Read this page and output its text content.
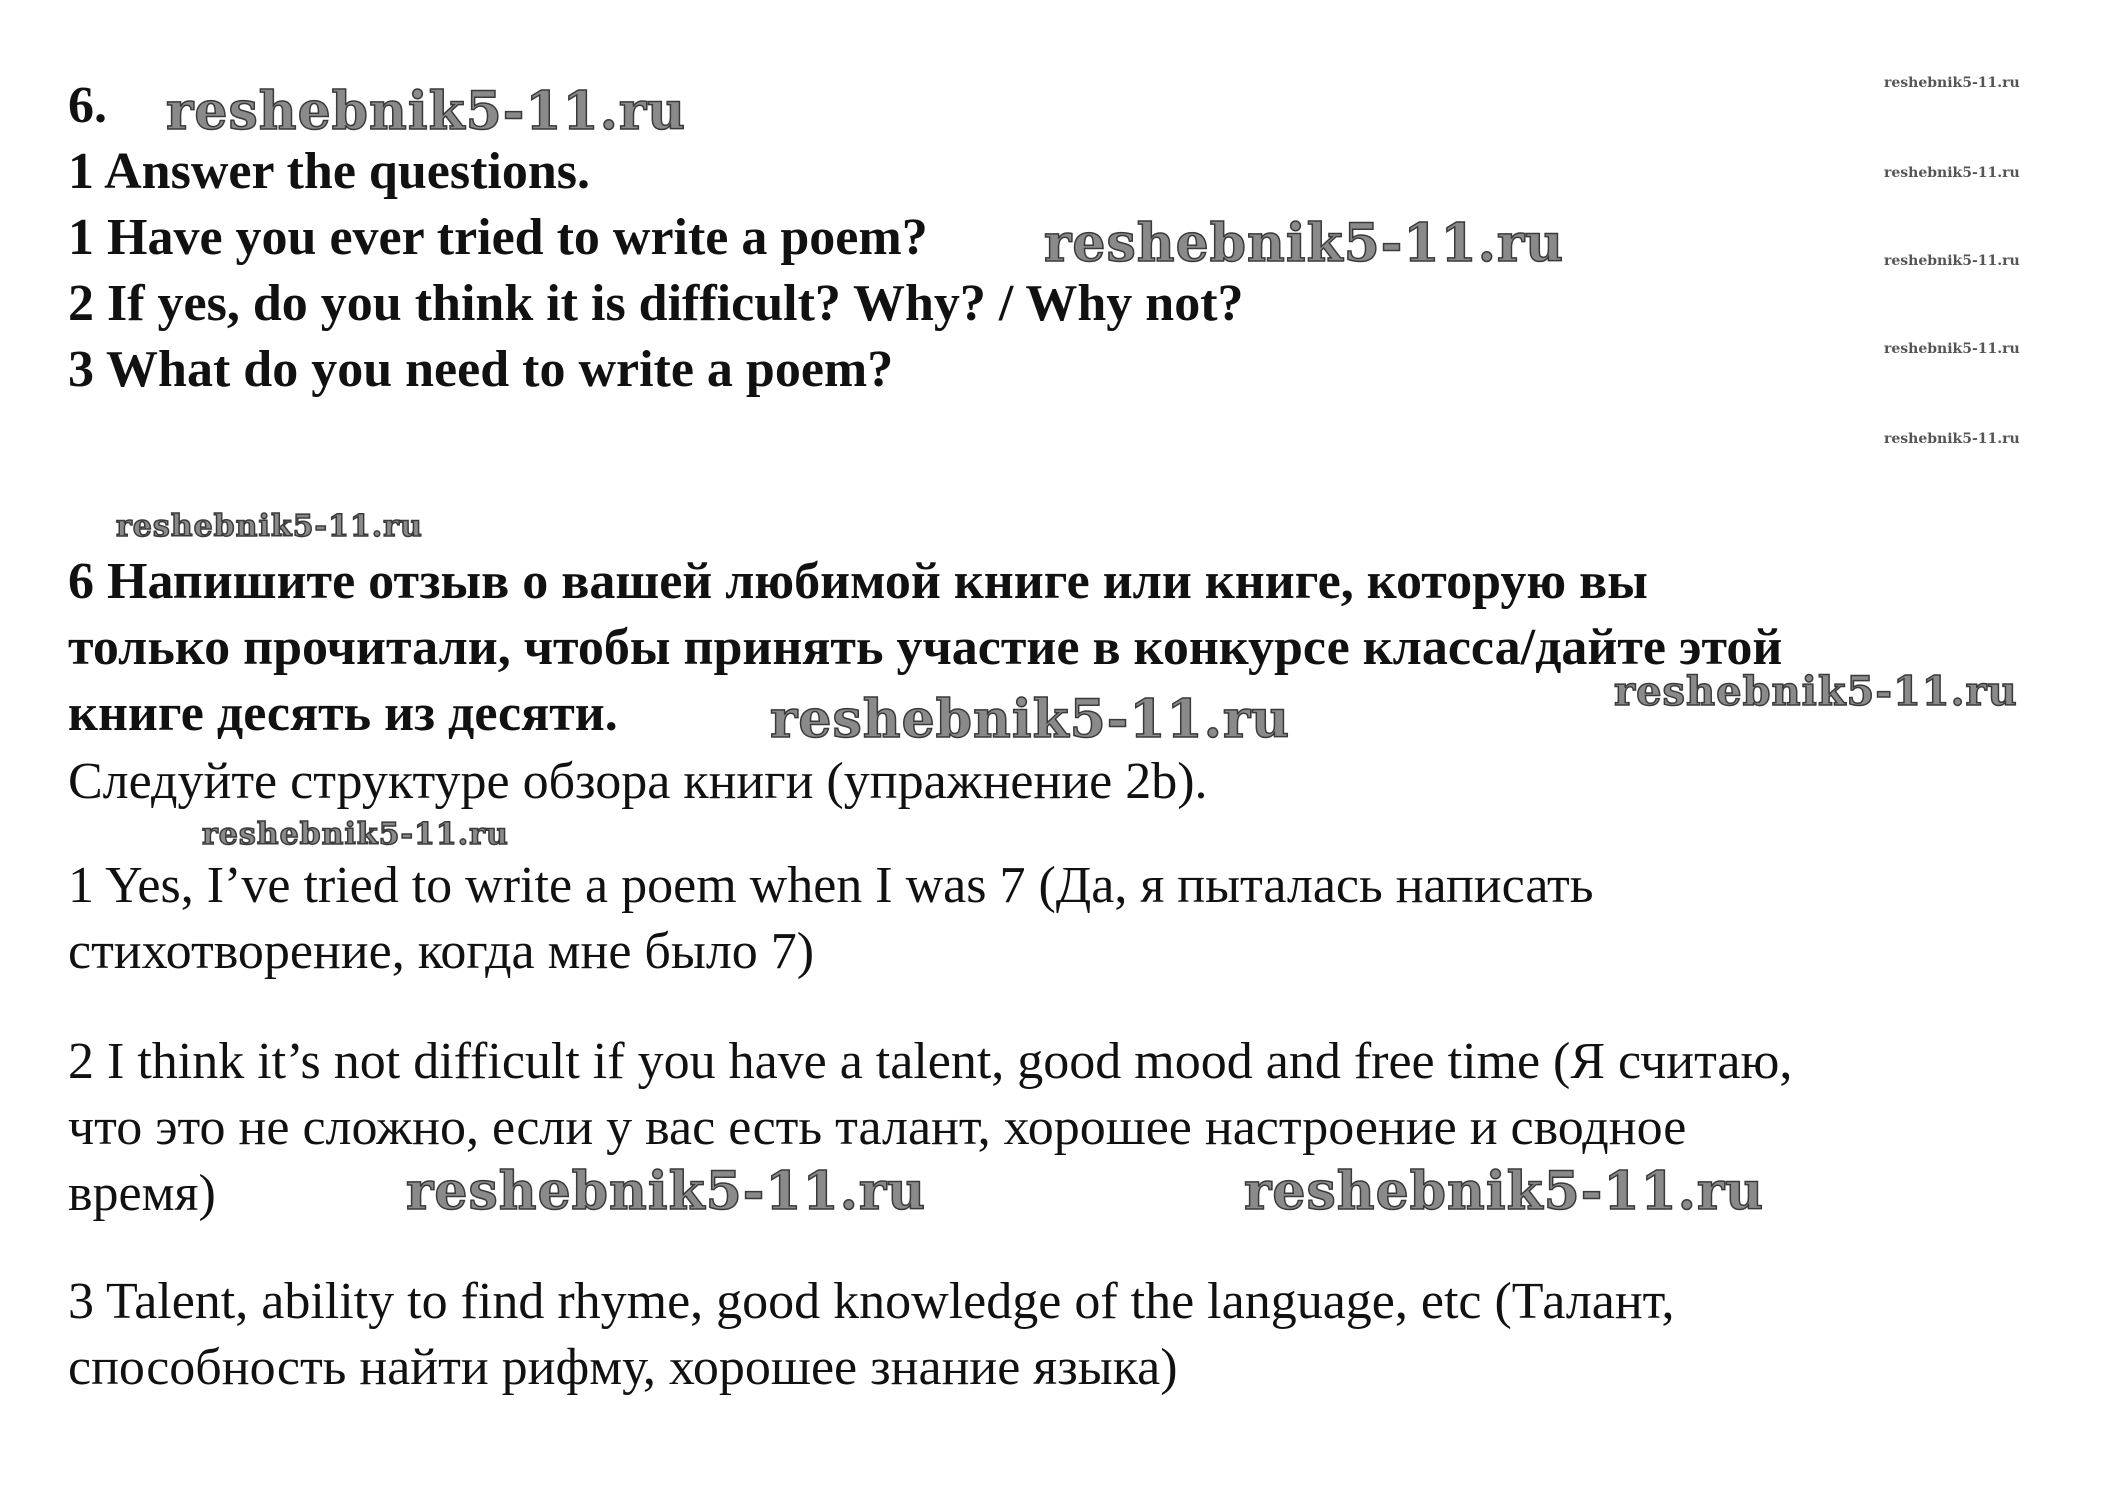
6.
1 Answer the questions.
1 Have you ever tried to write a poem?
2 If yes, do you think it is difficult? Why? / Why not?
3 What do you need to write a poem?
6 Напишите отзыв о вашей любимой книге или книге, которую вы
только прочитали, чтобы принять участие в конкурсе класса/дайте этой
книге десять из десяти.
Следуйте структуре обзора книги (упражнение 2b).
1 Yes, I’ve tried to write a poem when I was 7 (Да, я пыталась написать
стихотворение, когда мне было 7)
2 I think it’s not difficult if you have a talent, good mood and free time (Я считаю,
что это не сложно, если у вас есть талант, хорошее настроение и сводное
время)
3 Talent, ability to find rhyme, good knowledge of the language, etc (Талант,
способность найти рифму, хорошее знание языка)
reshebnik5-11.ru
reshebnik5-11.ru
reshebnik5-11.ru
reshebnik5-11.ru	reshebnik5-11.ru
reshebnik5-11.ru
reshebnik5-11.ru	reshebnik5-11.ru
reshebnik5-11.ru
reshebnik5-11.ru
reshebnik5-11.ru
reshebnik5-11.ru
reshebnik5-11.ru
